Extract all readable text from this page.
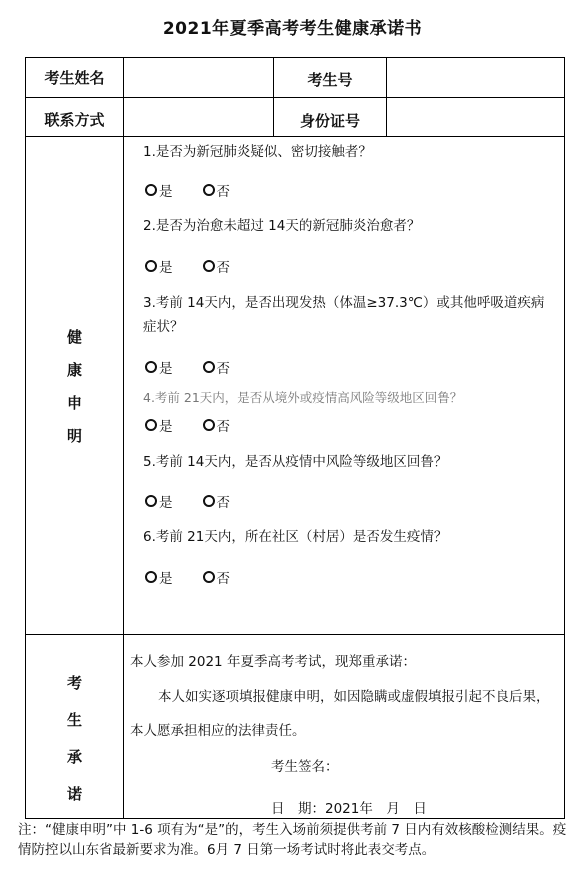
2021年夏季高考考生健康承诺书
考生姓名	考生号
联系方式	身份证号
健
康
申
明
1.是否为新冠肺炎疑似、密切接触者？
是	否
2.是否为治愈未超过 14天的新冠肺炎治愈者？
是	否
3.考前 14天内，是否出现发热（体温≥37.3℃）或其他呼吸道疾病
症状？
是	否
4.考前 21天内，是否从境外或疫情高风险等级地区回鲁？
是	否
5.考前 14天内，是否从疫情中风险等级地区回鲁？
是	否
6.考前 21天内，所在社区（村居）是否发生疫情？
是	否
考
生
承
诺
本人参加 2021 年夏季高考考试，现郑重承诺：
本人如实逐项填报健康申明，如因隐瞒或虚假填报引起不良后果，
本人愿承担相应的法律责任。
考生签名：
日　期：2021年　月　日
注：“健康申明”中 1-6 项有为“是”的，考生入场前须提供考前 7 日内有效核酸检测结果。疫情防控以山东省最新要求为准。6月 7 日第一场考试时将此表交考点。
